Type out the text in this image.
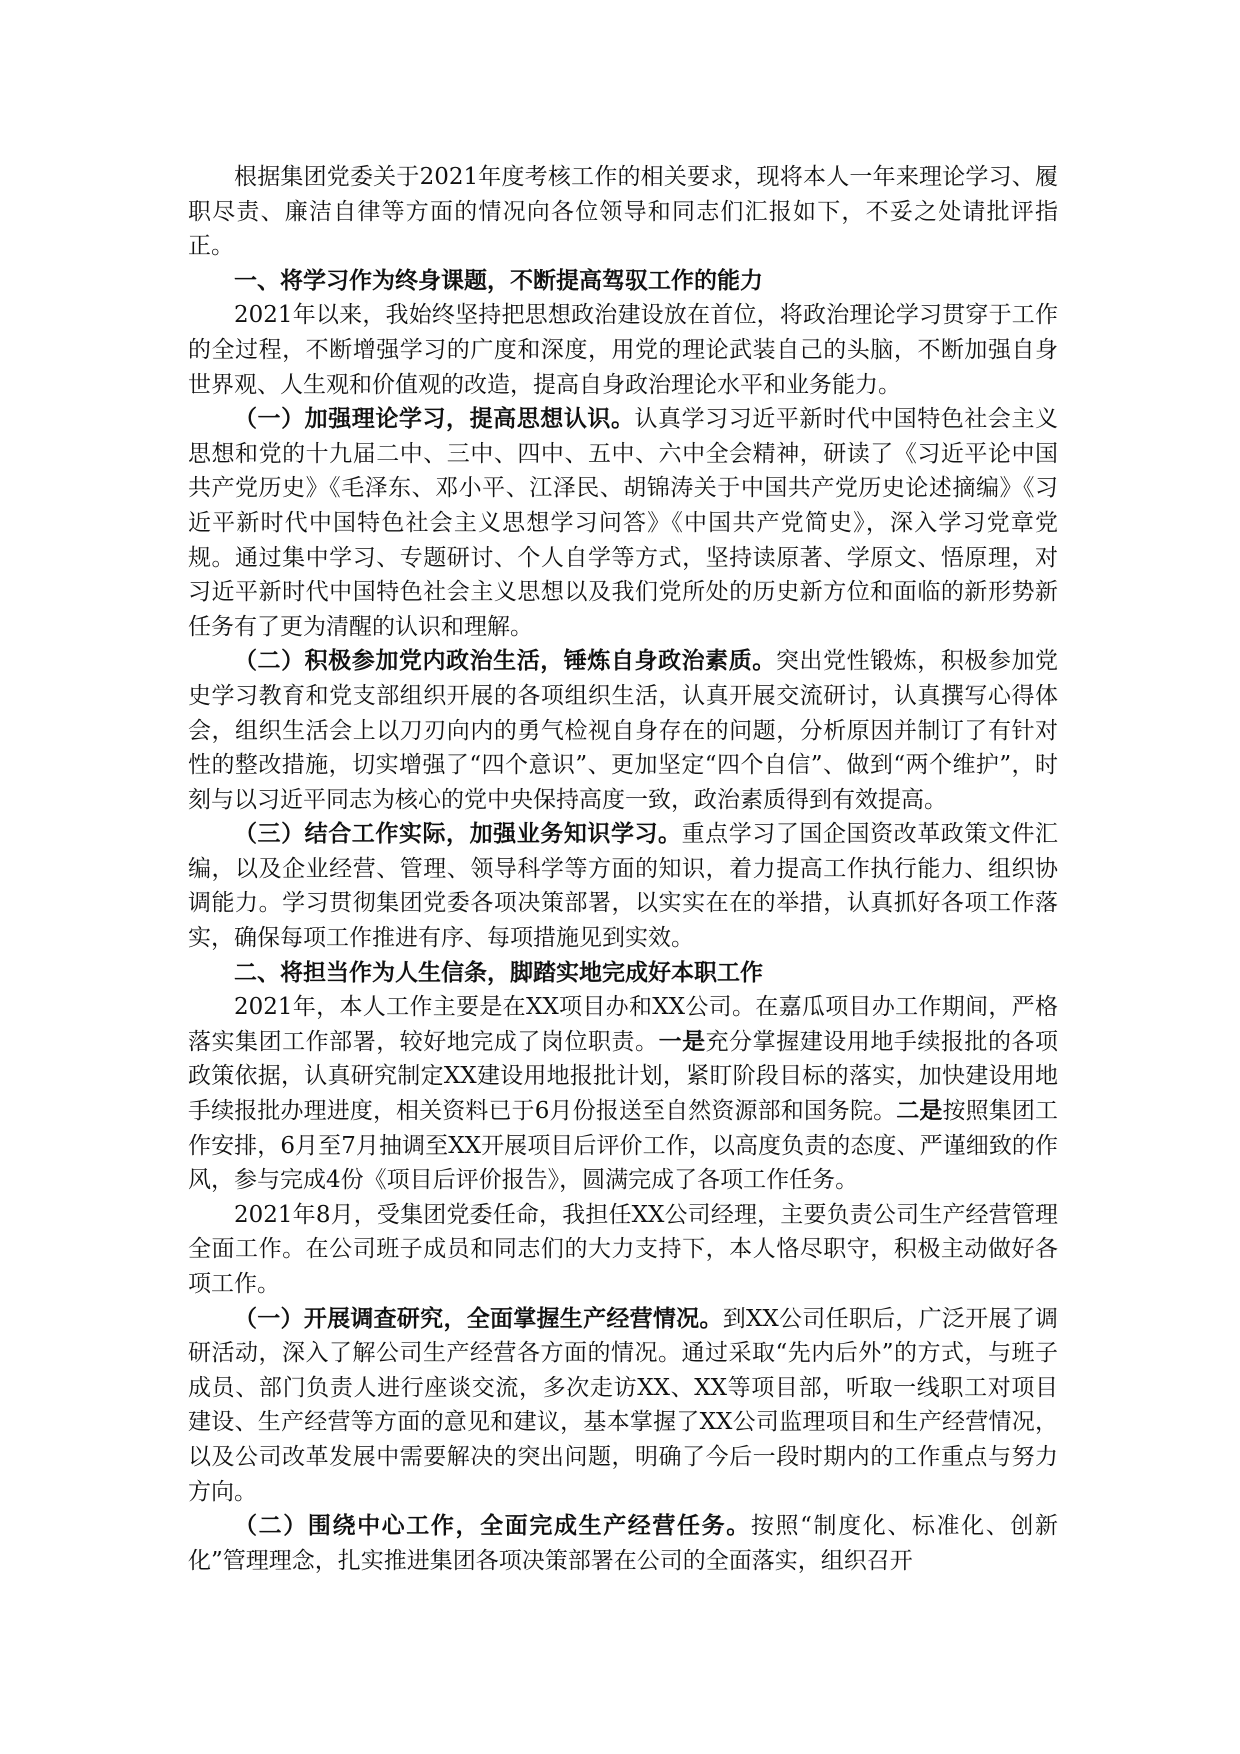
根据集团党委关于2021年度考核工作的相关要求，现将本人一年来理论学习、履职尽责、廉洁自律等方面的情况向各位领导和同志们汇报如下，不妥之处请批评指正。

一、将学习作为终身课题，不断提高驾驭工作的能力

2021年以来，我始终坚持把思想政治建设放在首位，将政治理论学习贯穿于工作的全过程，不断增强学习的广度和深度，用党的理论武装自己的头脑，不断加强自身世界观、人生观和价值观的改造，提高自身政治理论水平和业务能力。

（一）加强理论学习，提高思想认识。认真学习习近平新时代中国特色社会主义思想和党的十九届二中、三中、四中、五中、六中全会精神，研读了《习近平论中国共产党历史》《毛泽东、邓小平、江泽民、胡锦涛关于中国共产党历史论述摘编》《习近平新时代中国特色社会主义思想学习问答》《中国共产党简史》，深入学习党章党规。通过集中学习、专题研讨、个人自学等方式，坚持读原著、学原文、悟原理，对习近平新时代中国特色社会主义思想以及我们党所处的历史新方位和面临的新形势新任务有了更为清醒的认识和理解。

（二）积极参加党内政治生活，锤炼自身政治素质。突出党性锻炼，积极参加党史学习教育和党支部组织开展的各项组织生活，认真开展交流研讨，认真撰写心得体会，组织生活会上以刀刃向内的勇气检视自身存在的问题，分析原因并制订了有针对性的整改措施，切实增强了“四个意识”、更加坚定“四个自信”、做到“两个维护”，时刻与以习近平同志为核心的党中央保持高度一致，政治素质得到有效提高。

（三）结合工作实际，加强业务知识学习。重点学习了国企国资改革政策文件汇编，以及企业经营、管理、领导科学等方面的知识，着力提高工作执行能力、组织协调能力。学习贯彻集团党委各项决策部署，以实实在在的举措，认真抓好各项工作落实，确保每项工作推进有序、每项措施见到实效。

二、将担当作为人生信条，脚踏实地完成好本职工作

2021年，本人工作主要是在XX项目办和XX公司。在嘉瓜项目办工作期间，严格落实集团工作部署，较好地完成了岗位职责。一是充分掌握建设用地手续报批的各项政策依据，认真研究制定XX建设用地报批计划，紧盯阶段目标的落实，加快建设用地手续报批办理进度，相关资料已于6月份报送至自然资源部和国务院。二是按照集团工作安排，6月至7月抽调至XX开展项目后评价工作，以高度负责的态度、严谨细致的作风，参与完成4份《项目后评价报告》，圆满完成了各项工作任务。

2021年8月，受集团党委任命，我担任XX公司经理，主要负责公司生产经营管理全面工作。在公司班子成员和同志们的大力支持下，本人恪尽职守，积极主动做好各项工作。

（一）开展调查研究，全面掌握生产经营情况。到XX公司任职后，广泛开展了调研活动，深入了解公司生产经营各方面的情况。通过采取“先内后外”的方式，与班子成员、部门负责人进行座谈交流，多次走访XX、XX等项目部，听取一线职工对项目建设、生产经营等方面的意见和建议，基本掌握了XX公司监理项目和生产经营情况，以及公司改革发展中需要解决的突出问题，明确了今后一段时期内的工作重点与努力方向。

（二）围绕中心工作，全面完成生产经营任务。按照“制度化、标准化、创新化”管理理念，扎实推进集团各项决策部署在公司的全面落实，组织召开
